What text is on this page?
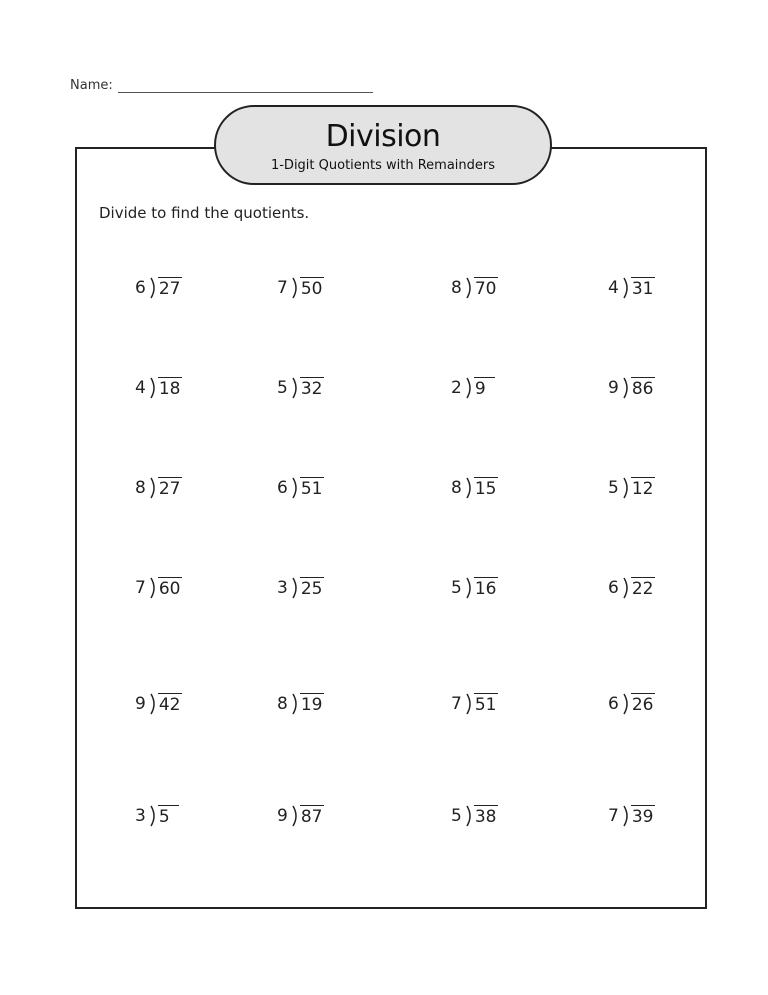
Name:
Division
1-Digit Quotients with Remainders
Divide to find the quotients.
6 27	7 50	8 70	4 31
4 18	5 32	2 9	9 86
8 27	6 51	8 15	5 12
7 60	3 25	5 16	6 22
9 42	8 19	7 51	6 26
3 5	9 87	5 38	7 39
